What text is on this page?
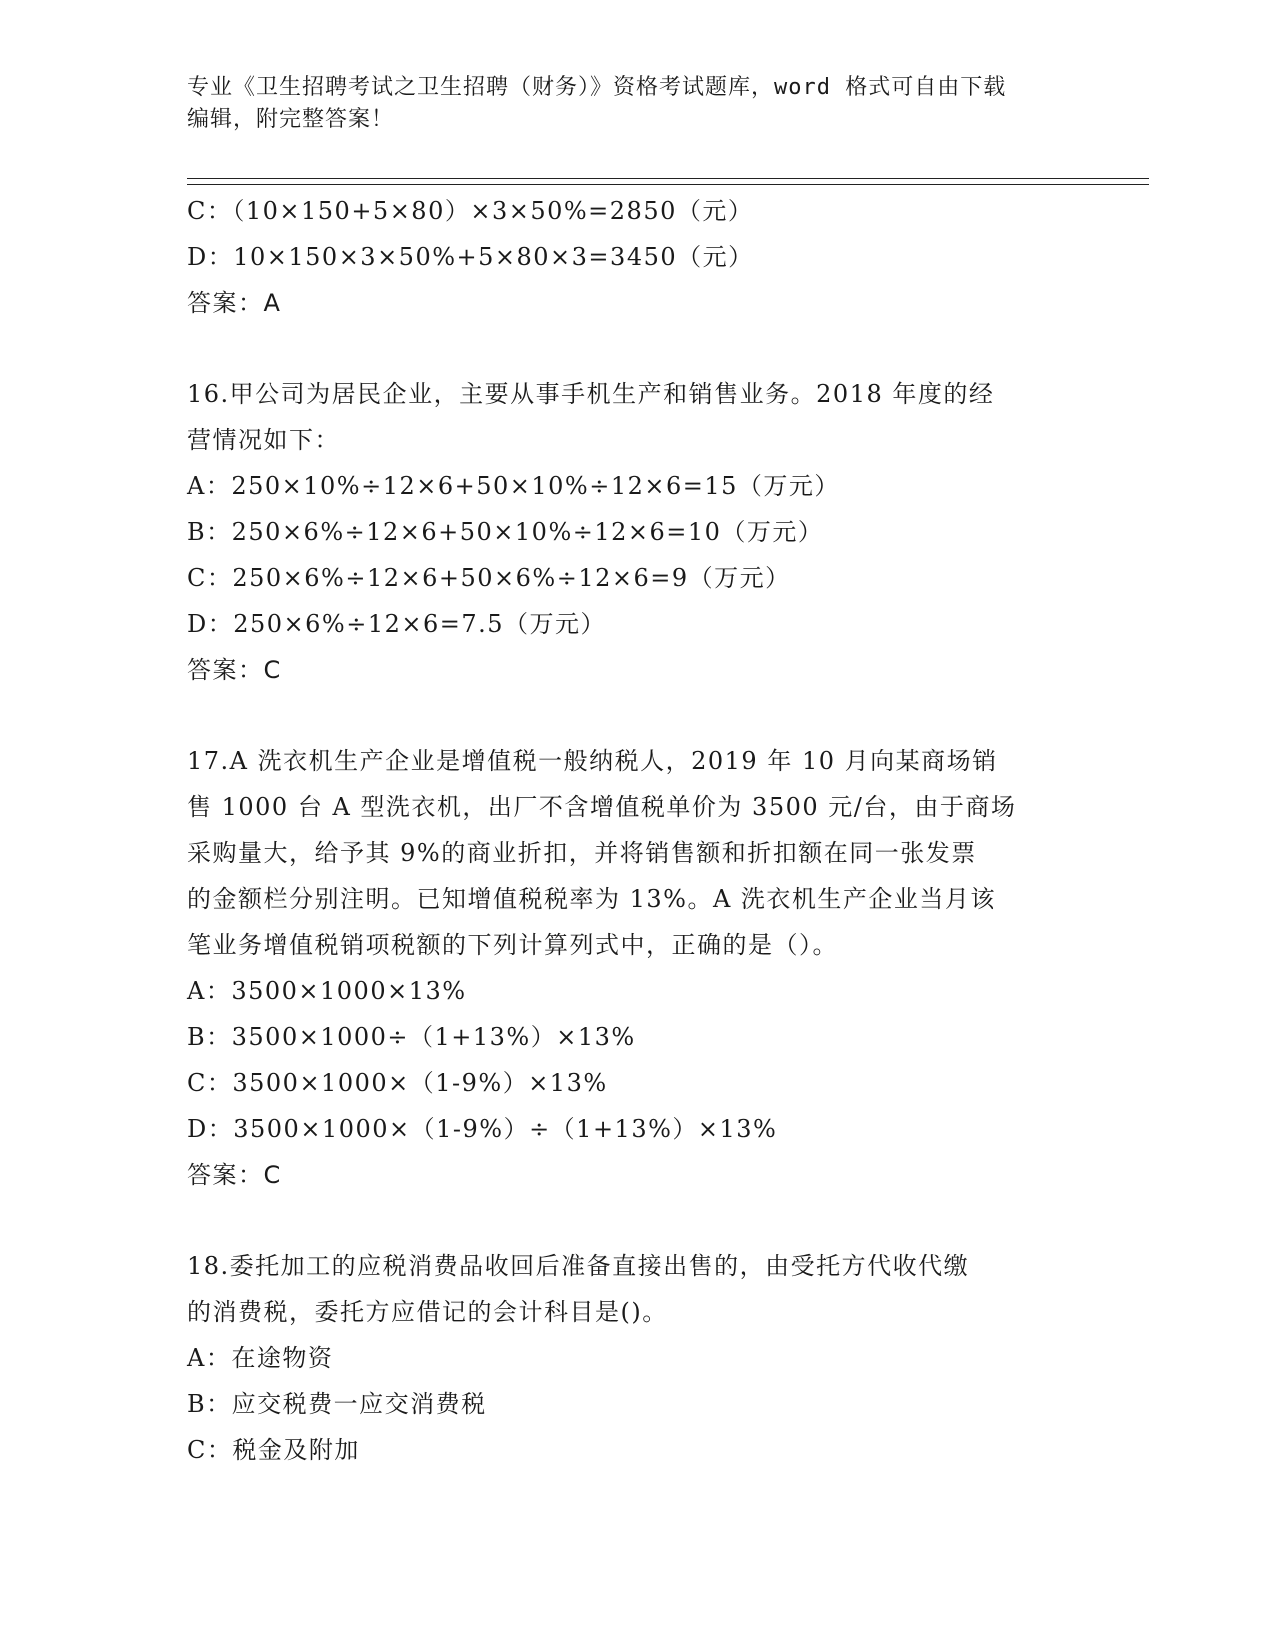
专业《卫生招聘考试之卫生招聘（财务）》资格考试题库，word 格式可自由下载
编辑，附完整答案！
C：（10×150+5×80）×3×50%=2850（元）
D：10×150×3×50%+5×80×3=3450（元）
答案：A
16.甲公司为居民企业，主要从事手机生产和销售业务。2018 年度的经
营情况如下：
A：250×10%÷12×6+50×10%÷12×6=15（万元）
B：250×6%÷12×6+50×10%÷12×6=10（万元）
C：250×6%÷12×6+50×6%÷12×6=9（万元）
D：250×6%÷12×6=7.5（万元）
答案：C
17.A 洗衣机生产企业是增值税一般纳税人，2019 年 10 月向某商场销
售 1000 台 A 型洗衣机，出厂不含增值税单价为 3500 元/台，由于商场
采购量大，给予其 9%的商业折扣，并将销售额和折扣额在同一张发票
的金额栏分别注明。已知增值税税率为 13%。A 洗衣机生产企业当月该
笔业务增值税销项税额的下列计算列式中，正确的是（）。
A：3500×1000×13%
B：3500×1000÷（1+13%）×13%
C：3500×1000×（1-9%）×13%
D：3500×1000×（1-9%）÷（1+13%）×13%
答案：C
18.委托加工的应税消费品收回后准备直接出售的，由受托方代收代缴
的消费税，委托方应借记的会计科目是()。
A：在途物资
B：应交税费一应交消费税
C：税金及附加
